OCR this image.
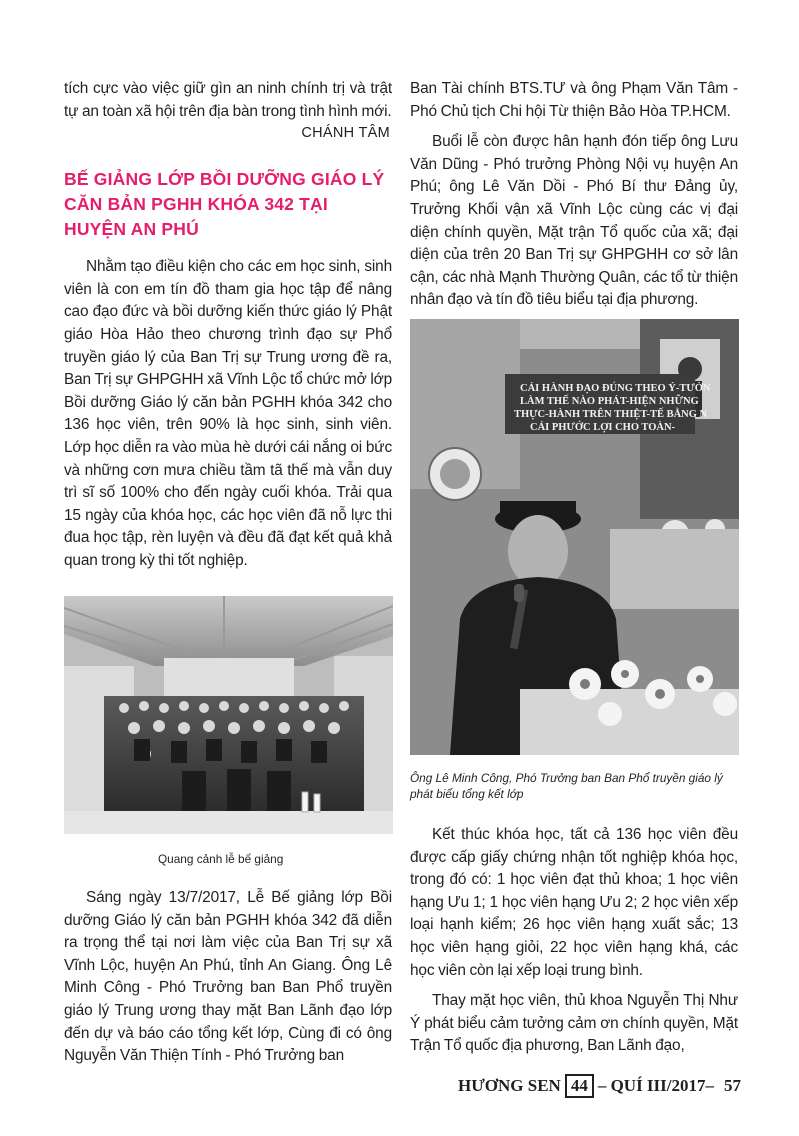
tích cực vào việc giữ gìn an ninh chính trị và trật tự an toàn xã hội trên địa bàn trong tình hình mới.

CHÁNH TÂM

BẾ GIẢNG LỚP BỒI DƯỠNG GIÁO LÝ CĂN BẢN PGHH KHÓA 342 TẠI HUYỆN AN PHÚ

Nhằm tạo điều kiện cho các em học sinh, sinh viên là con em tín đồ tham gia học tập để nâng cao đạo đức và bồi dưỡng kiến thức giáo lý Phật giáo Hòa Hảo theo chương trình đạo sự Phổ truyền giáo lý của Ban Trị sự Trung ương đề ra, Ban Trị sự GHPGHH xã Vĩnh Lộc tổ chức mở lớp Bồi dưỡng Giáo lý căn bản PGHH khóa 342 cho 136 học viên, trên 90% là học sinh, sinh viên. Lớp học diễn ra vào mùa hè dưới cái nắng oi bức và những cơn mưa chiều tầm tã thế mà vẫn duy trì sĩ số 100% cho đến ngày cuối khóa. Trải qua 15 ngày của khóa học, các học viên đã nỗ lực thi đua học tập, rèn luyện và đều đã đạt kết quả khả quan trong kỳ thi tốt nghiệp.

Quang cảnh lễ bế giảng

Sáng ngày 13/7/2017, Lễ Bế giảng lớp Bồi dưỡng Giáo lý căn bản PGHH khóa 342 đã diễn ra trọng thể tại nơi làm việc của Ban Trị sự xã Vĩnh Lộc, huyện An Phú, tỉnh An Giang. Ông Lê Minh Công - Phó Trưởng ban Ban Phổ truyền giáo lý Trung ương thay mặt Ban Lãnh đạo lớp đến dự và báo cáo tổng kết lớp, Cùng đi có ông Nguyễn Văn Thiện Tính - Phó Trưởng ban

Ban Tài chính BTS.TƯ và ông Phạm Văn Tâm - Phó Chủ tịch Chi hội Từ thiện Bảo Hòa TP.HCM.

Buổi lễ còn được hân hạnh đón tiếp ông Lưu Văn Dũng - Phó trưởng Phòng Nội vụ huyện An Phú; ông Lê Văn Dồi - Phó Bí thư Đảng ủy, Trưởng Khối vận xã Vĩnh Lộc cùng các vị đại diện chính quyền, Mặt trận Tổ quốc của xã; đại diện của trên 20 Ban Trị sự GHPGHH cơ sở lân cận, các nhà Mạnh Thường Quân, các tổ từ thiện nhân đạo và tín đồ tiêu biểu tại địa phương.

CẢI HÀNH ĐẠO ĐÚNG THEO Ý-TƯỞN
LÀM THẾ NÀO PHÁT-HIỆN NHỮNG
THỰC-HÀNH TRÊN THIỆT-TẾ BẰNG N
CÁI PHƯỚC LỢI CHO TOÀN-
Ông Lê Minh Công, Phó Trưởng ban Ban Phổ truyền giáo lý phát biểu tổng kết lớp

Kết thúc khóa học, tất cả 136 học viên đều được cấp giấy chứng nhận tốt nghiệp khóa học, trong đó có: 1 học viên đạt thủ khoa; 1 học viên hạng Ưu 1; 1 học viên hạng Ưu 2; 2 học viên xếp loại hạnh kiểm; 26 học viên hạng xuất sắc; 13 học viên hạng giỏi, 22 học viên hạng khá, các học viên còn lại xếp loại trung bình.

Thay mặt học viên, thủ khoa Nguyễn Thị Như Ý phát biểu cảm tưởng cảm ơn chính quyền, Mặt Trận Tổ quốc địa phương, Ban Lãnh đạo,

HƯƠNG SEN 44 – QUÍ III/2017– 57
